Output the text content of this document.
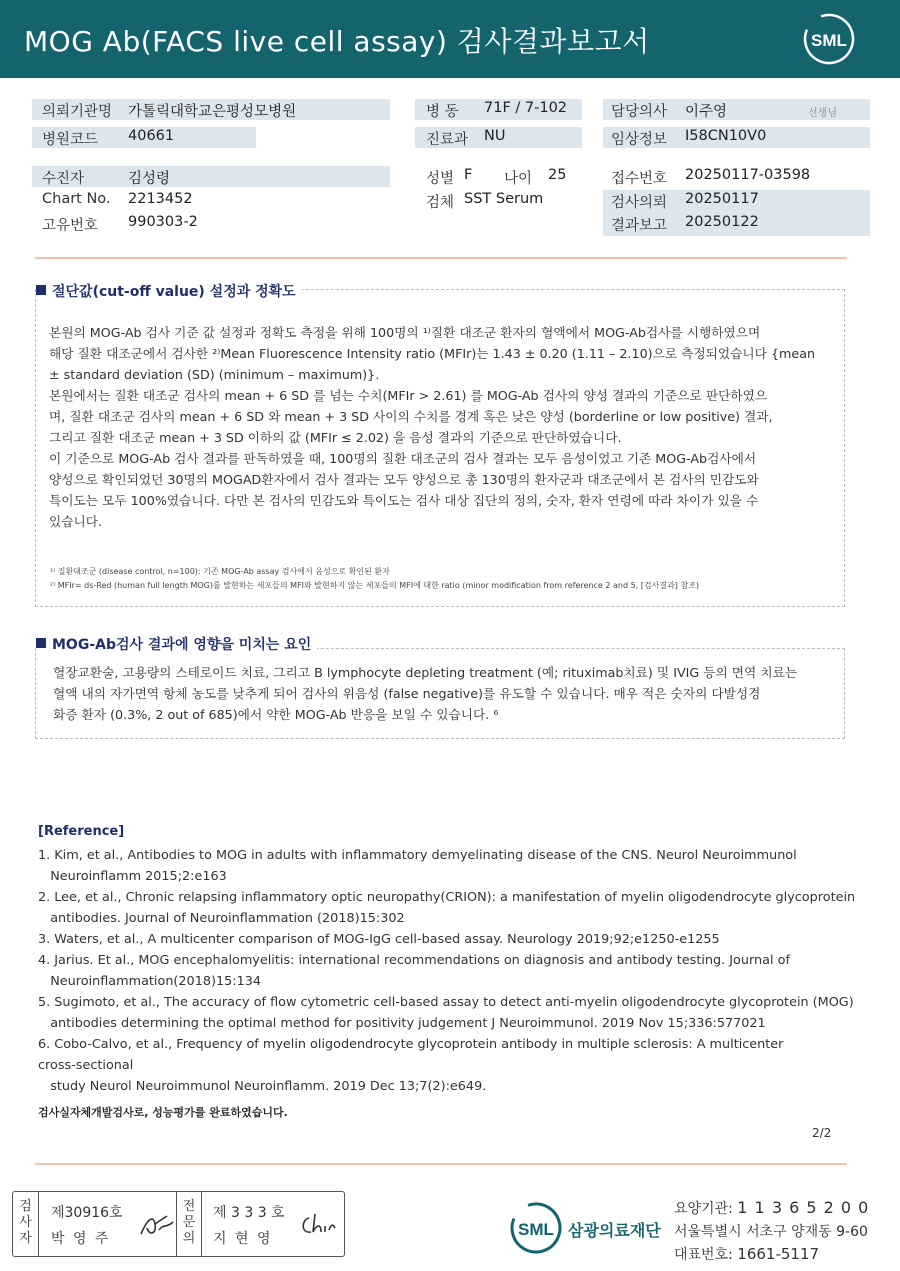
MOG Ab(FACS live cell assay) 검사결과보고서	SML
의뢰기관명 가톨릭대학교은평성모병원
병원코드 40661
병 동 71F / 7-102
진료과 NU
담당의사 이주영	선생님
임상정보 I58CN10V0
수진자	김성령
Chart No. 2213452
고유번호 990303-2
성별 F 나이 25
검체 SST Serum
접수번호 20250117-03598
검사의뢰 20250117
결과보고 20250122
절단값(cut-off value) 설정과 정확도
본원의 MOG-Ab 검사 기준 값 설정과 정확도 측정을 위해 100명의 ¹⁾질환 대조군 환자의 혈액에서 MOG-Ab검사를 시행하였으며
해당 질환 대조군에서 검사한 ²⁾Mean Fluorescence Intensity ratio (MFIr)는 1.43 ± 0.20 (1.11 – 2.10)으로 측정되었습니다 {mean
± standard deviation (SD) (minimum – maximum)}.
본원에서는 질환 대조군 검사의 mean + 6 SD 를 넘는 수치(MFIr > 2.61) 를 MOG-Ab 검사의 양성 결과의 기준으로 판단하였으
며, 질환 대조군 검사의 mean + 6 SD 와 mean + 3 SD 사이의 수치를 경계 혹은 낮은 양성 (borderline or low positive) 결과,
그리고 질환 대조군 mean + 3 SD 이하의 값 (MFIr ≤ 2.02) 을 음성 결과의 기준으로 판단하였습니다.
이 기준으로 MOG-Ab 검사 결과를 판독하였을 때, 100명의 질환 대조군의 검사 결과는 모두 음성이었고 기존 MOG-Ab검사에서
양성으로 확인되었던 30명의 MOGAD환자에서 검사 결과는 모두 양성으로 총 130명의 환자군과 대조군에서 본 검사의 민감도와
특이도는 모두 100%였습니다. 다만 본 검사의 민감도와 특이도는 검사 대상 집단의 정의, 숫자, 환자 연령에 따라 차이가 있을 수
있습니다.
¹⁾ 질환대조군 (disease control, n=100): 기존 MOG-Ab assay 검사에서 음성으로 확인된 환자
²⁾ MFIr= ds-Red (human full length MOG)를 발현하는 세포들의 MFI와 발현하지 않는 세포들의 MFI에 대한 ratio (minor modification from reference 2 and 5, [검사결과] 참조)
MOG-Ab검사 결과에 영향을 미치는 요인
혈장교환술, 고용량의 스테로이드 치료, 그리고 B lymphocyte depleting treatment (예; rituximab치료) 및 IVIG 등의 면역 치료는
혈액 내의 자가면역 항체 농도를 낮추게 되어 검사의 위음성 (false negative)를 유도할 수 있습니다. 매우 적은 숫자의 다발성경
화증 환자 (0.3%, 2 out of 685)에서 약한 MOG-Ab 반응을 보일 수 있습니다. ⁶
[Reference]
1. Kim, et al., Antibodies to MOG in adults with inflammatory demyelinating disease of the CNS. Neurol Neuroimmunol
Neuroinflamm 2015;2:e163
2. Lee, et al., Chronic relapsing inflammatory optic neuropathy(CRION): a manifestation of myelin oligodendrocyte glycoprotein
antibodies. Journal of Neuroinflammation (2018)15:302
3. Waters, et al., A multicenter comparison of MOG-IgG cell-based assay. Neurology 2019;92;e1250-e1255
4. Jarius. Et al., MOG encephalomyelitis: international recommendations on diagnosis and antibody testing. Journal of
Neuroinflammation(2018)15:134
5. Sugimoto, et al., The accuracy of flow cytometric cell-based assay to detect anti-myelin oligodendrocyte glycoprotein (MOG)
antibodies determining the optimal method for positivity judgement J Neuroimmunol. 2019 Nov 15;336:577021
6. Cobo-Calvo, et al., Frequency of myelin oligodendrocyte glycoprotein antibody in multiple sclerosis: A multicenter
cross-sectional
study Neurol Neuroimmunol Neuroinflamm. 2019 Dec 13;7(2):e649.
검사실자체개발검사로, 성능평가를 완료하였습니다.
2/2
검
사
자
제30916호
박 영 주
전
문
의
제 3 3 3 호
지 현 영	SML 삼광의료재단
요양기관: 1 1 3 6 5 2 0 0
서울특별시 서초구 양재동 9-60
대표번호: 1661-5117
